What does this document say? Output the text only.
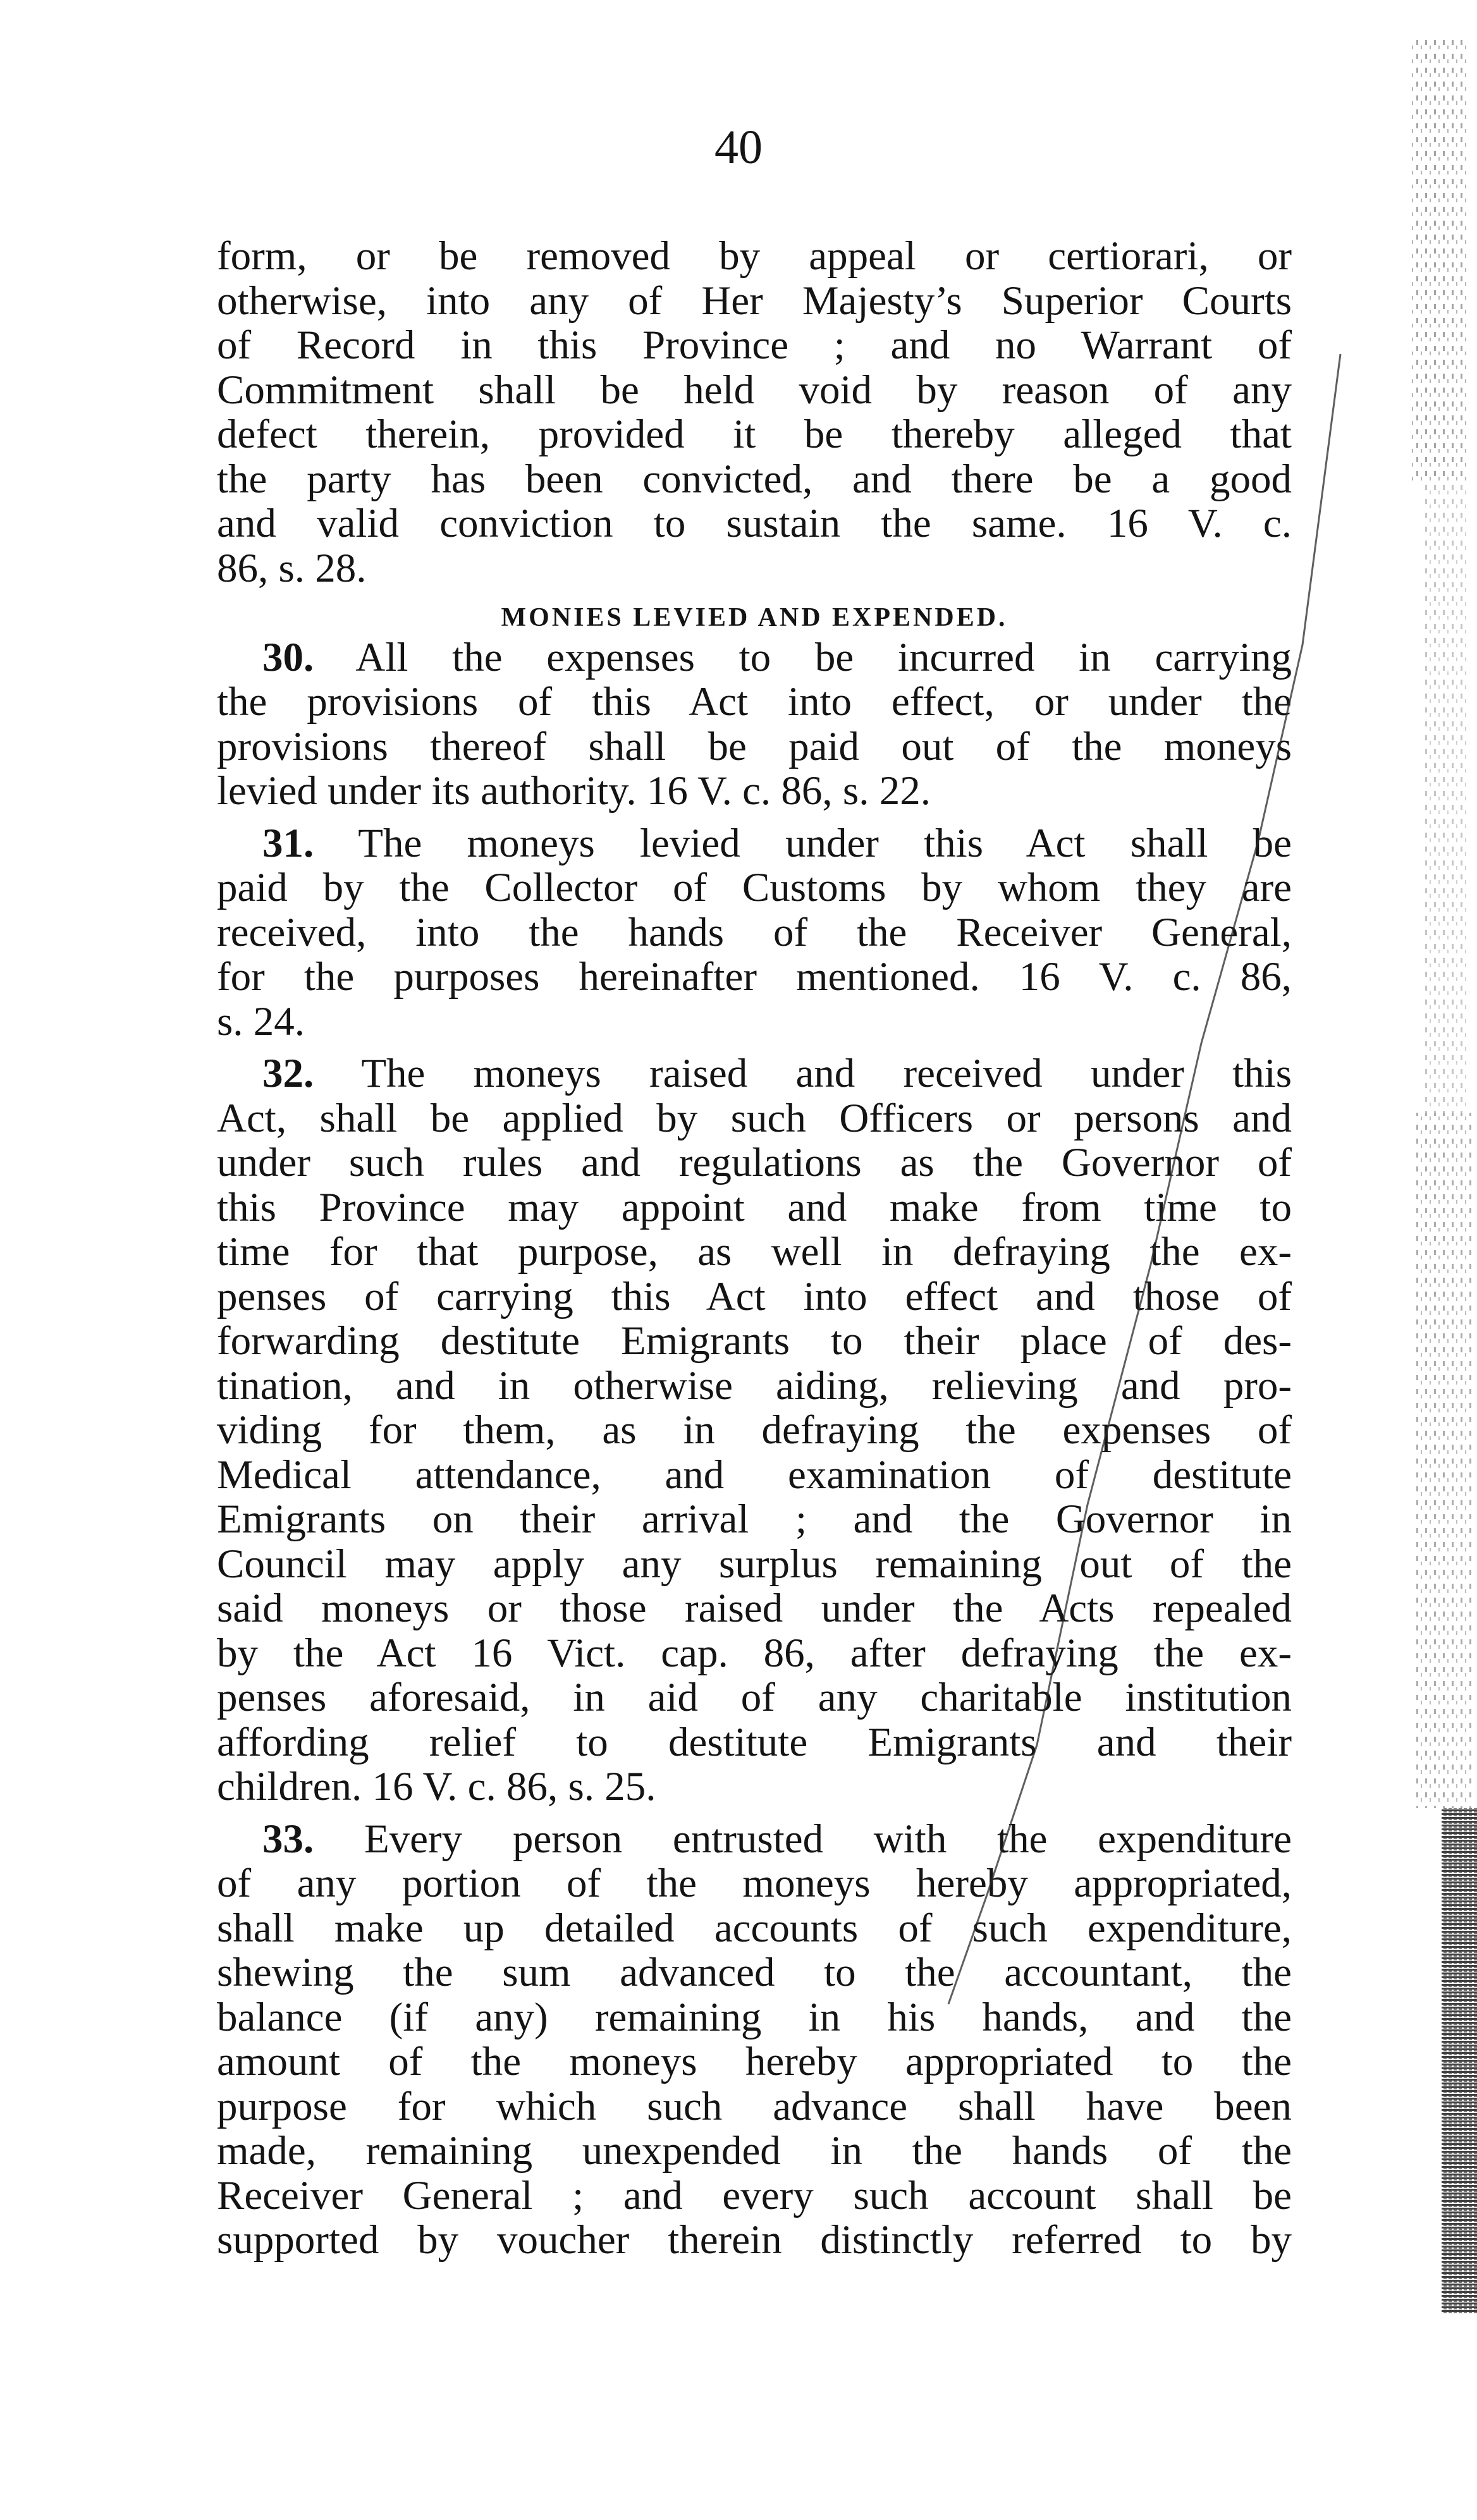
40
form, or be removed by appeal or certiorari, or
otherwise, into any of Her Majesty’s Superior Courts
of Record in this Province ; and no Warrant of
Commitment shall be held void by reason of any
defect therein, provided it be thereby alleged that
the party has been convicted, and there be a good
and valid conviction to sustain the same. 16 V. c.
86, s. 28.
MONIES LEVIED AND EXPENDED.
30. All the expenses to be incurred in carrying
the provisions of this Act into effect, or under the
provisions thereof shall be paid out of the moneys
levied under its authority. 16 V. c. 86, s. 22.
31. The moneys levied under this Act shall be
paid by the Collector of Customs by whom they are
received, into the hands of the Receiver General,
for the purposes hereinafter mentioned. 16 V. c. 86,
s. 24.
32. The moneys raised and received under this
Act, shall be applied by such Officers or persons and
under such rules and regulations as the Governor of
this Province may appoint and make from time to
time for that purpose, as well in defraying the ex-
penses of carrying this Act into effect and those of
forwarding destitute Emigrants to their place of des-
tination, and in otherwise aiding, relieving and pro-
viding for them, as in defraying the expenses of
Medical attendance, and examination of destitute
Emigrants on their arrival ; and the Governor in
Council may apply any surplus remaining out of the
said moneys or those raised under the Acts repealed
by the Act 16 Vict. cap. 86, after defraying the ex-
penses aforesaid, in aid of any charitable institution
affording relief to destitute Emigrants and their
children. 16 V. c. 86, s. 25.
33. Every person entrusted with the expenditure
of any portion of the moneys hereby appropriated,
shall make up detailed accounts of such expenditure,
shewing the sum advanced to the accountant, the
balance (if any) remaining in his hands, and the
amount of the moneys hereby appropriated to the
purpose for which such advance shall have been
made, remaining unexpended in the hands of the
Receiver General ; and every such account shall be
supported by voucher therein distinctly referred to by
